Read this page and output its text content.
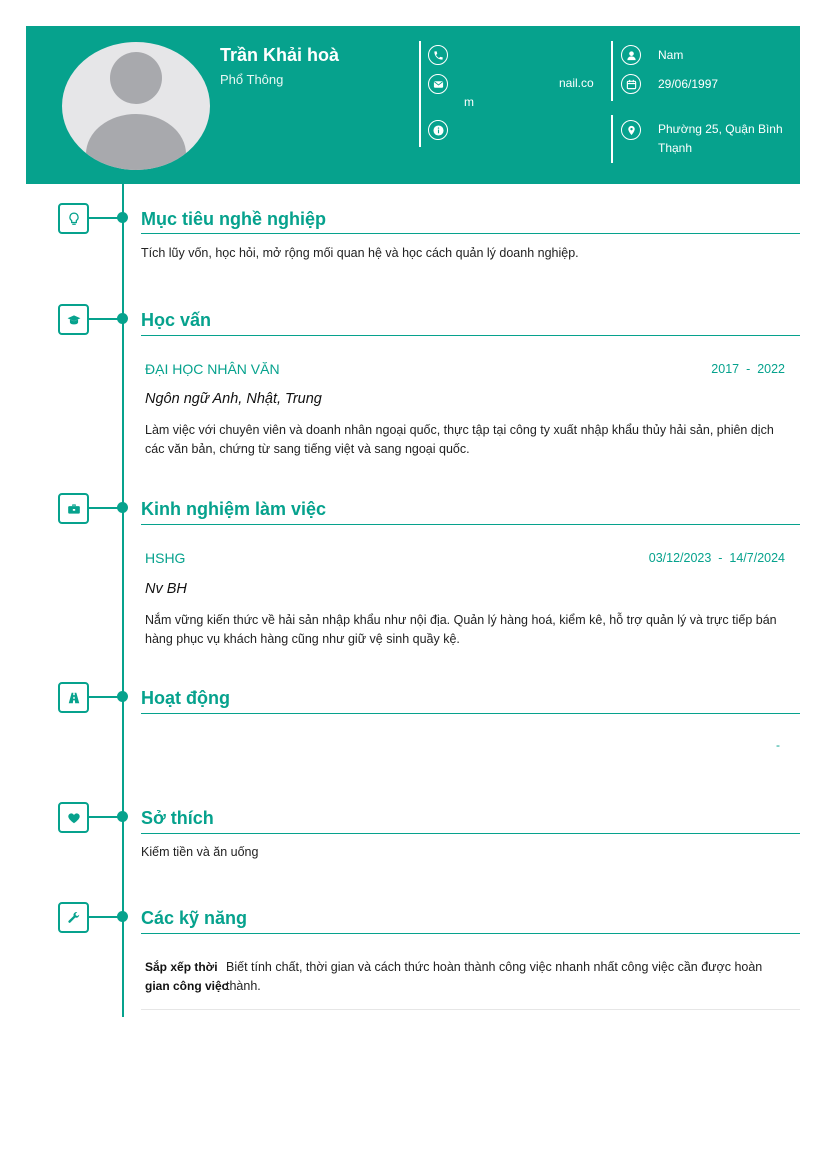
Trần Khải hoà
Phổ Thông	nail.co
m
Nam
29/06/1997
Phường 25, Quận Bình Thạnh
Mục tiêu nghề nghiệp
Tích lũy vốn, học hỏi, mở rộng mối quan hệ và học cách quản lý doanh nghiệp.
Học vấn
ĐẠI HỌC NHÂN VĂN	2017 - 2022
Ngôn ngữ Anh, Nhật, Trung
Làm việc với chuyên viên và doanh nhân ngoại quốc, thực tập tại công ty xuất nhập khẩu thủy hải sản, phiên dịch các văn bản, chứng từ sang tiếng việt và sang ngoại quốc.
Kinh nghiệm làm việc
HSHG	03/12/2023 - 14/7/2024
Nv BH
Nắm vững kiến thức về hải sản nhập khẩu như nội địa. Quản lý hàng hoá, kiểm kê, hỗ trợ quản lý và trực tiếp bán hàng phục vụ khách hàng cũng như giữ vệ sinh quầy kệ.
Hoạt động
-
Sở thích
Kiếm tiền và ăn uống
Các kỹ năng
Sắp xếp thời gian công việc
Biết tính chất, thời gian và cách thức hoàn thành công việc nhanh nhất công việc cần được hoàn thành.
